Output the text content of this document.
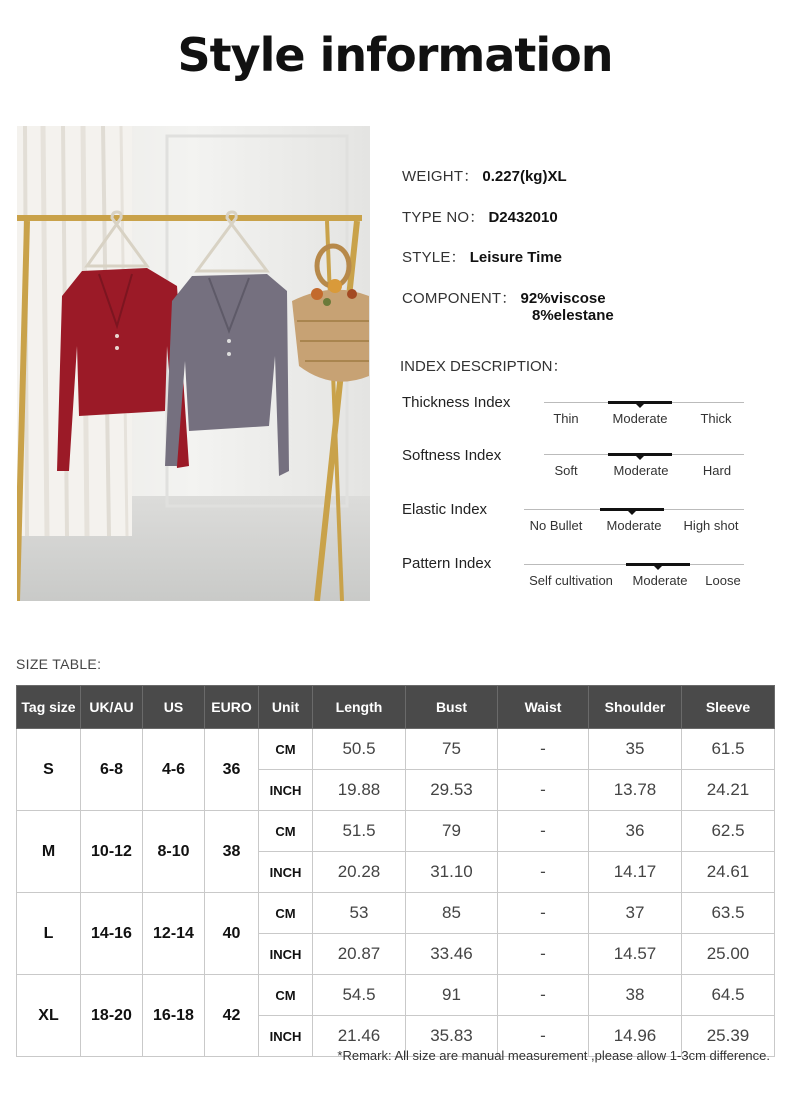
Style information
WEIGHT： 0.227(kg)XL
TYPE NO： D2432010
STYLE： Leisure Time
COMPONENT： 92%viscose
8%elestane
INDEX DESCRIPTION：
Thickness Index
Thin	Moderate	Thick
Softness Index
Soft	Moderate	Hard
Elastic Index
No Bullet Moderate High shot
Pattern Index
Self cultivation Moderate Loose
SIZE TABLE:
Tag size	UK/AU	US	EURO	Unit	Length	Bust	Waist	Shoulder	Sleeve
S	6-8	4-6	36	CM	50.5	75	-	35	61.5
				INCH	19.88	29.53	-	13.78	24.21
M	10-12	8-10	38	CM	51.5	79	-	36	62.5
				INCH	20.28	31.10	-	14.17	24.61
L	14-16	12-14	40	CM	53	85	-	37	63.5
				INCH	20.87	33.46	-	14.57	25.00
XL	18-20	16-18	42	CM	54.5	91	-	38	64.5
				INCH	21.46	35.83	-	14.96	25.39
*Remark: All size are manual measurement ,please allow 1-3cm difference.
